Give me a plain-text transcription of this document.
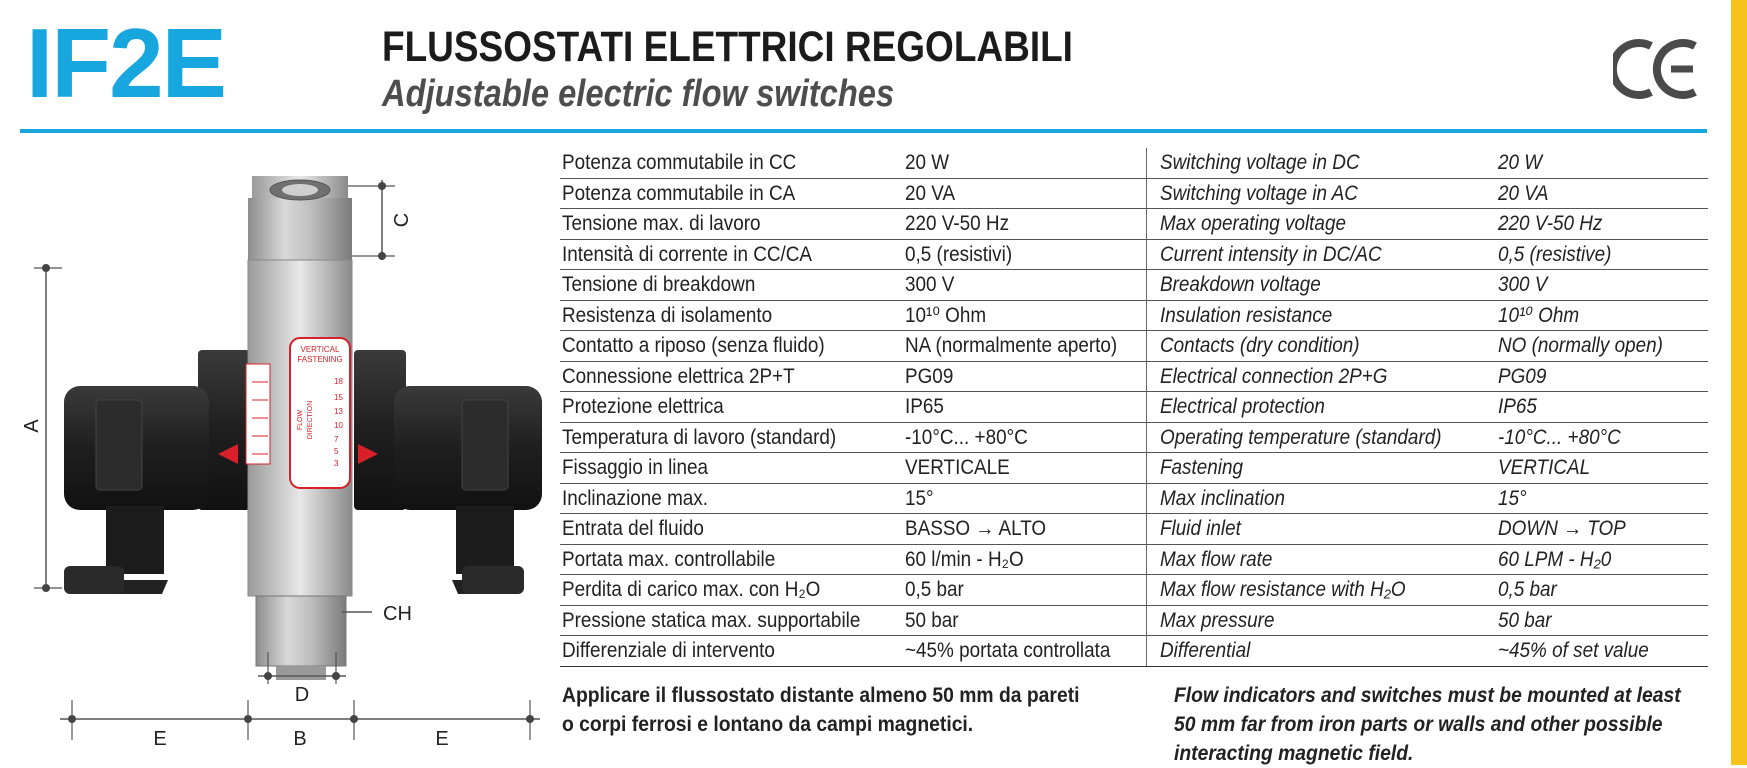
IF2E	FLUSSOSTATI ELETTRICI REGOLABILI
Adjustable electric flow switches
A
C
VERTICAL
FASTENING
FLOW DIRECTION
18
15
13
10
7
5
3
CH
D
E	B	E
Potenza commutabile in CC	20 W	Switching voltage in DC	20 W
Potenza commutabile in CA	20 VA	Switching voltage in AC	20 VA
Tensione max. di lavoro	220 V-50 Hz	Max operating voltage	220 V-50 Hz
Intensità di corrente in CC/CA	0,5 (resistivi)	Current intensity in DC/AC	0,5 (resistive)
Tensione di breakdown	300 V	Breakdown voltage	300 V
Resistenza di isolamento	10¹⁰ Ohm	Insulation resistance	10¹⁰ Ohm
Contatto a riposo (senza fluido)	NA (normalmente aperto)	Contacts (dry condition)	NO (normally open)
Connessione elettrica 2P+T	PG09	Electrical connection 2P+G	PG09
Protezione elettrica	IP65	Electrical protection	IP65
Temperatura di lavoro (standard)	-10°C... +80°C	Operating temperature (standard)	-10°C... +80°C
Fissaggio in linea	VERTICALE	Fastening	VERTICAL
Inclinazione max.	15°	Max inclination	15°
Entrata del fluido	BASSO → ALTO	Fluid inlet	DOWN → TOP
Portata max. controllabile	60 l/min - H₂O	Max flow rate	60 LPM - H₂0
Perdita di carico max. con H₂O	0,5 bar	Max flow resistance with H₂O	0,5 bar
Pressione statica max. supportabile	50 bar	Max pressure	50 bar
Differenziale di intervento	~45% portata controllata	Differential	~45% of set value
Applicare il flussostato distante almeno 50 mm da pareti
o corpi ferrosi e lontano da campi magnetici.
Flow indicators and switches must be mounted at least
50 mm far from iron parts or walls and other possible
interacting magnetic field.
